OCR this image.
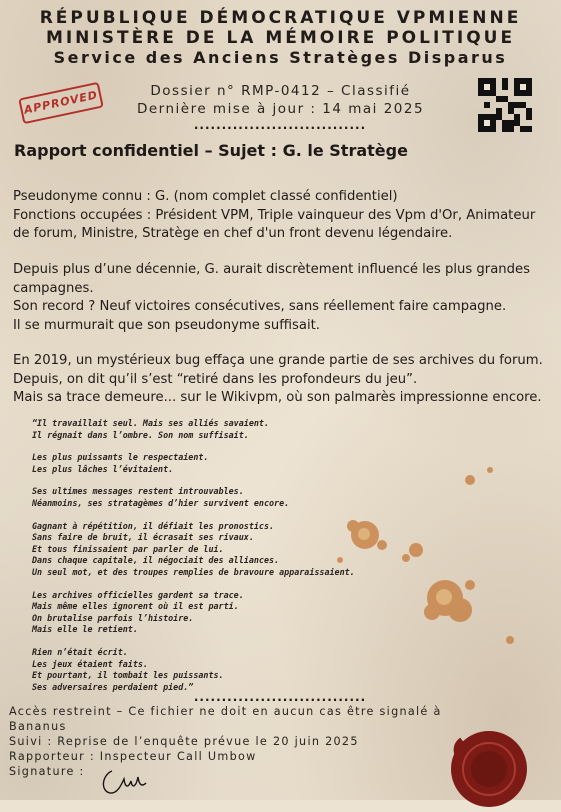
RÉPUBLIQUE DÉMOCRATIQUE VPMIENNE
MINISTÈRE DE LA MÉMOIRE POLITIQUE
Service des Anciens Stratèges Disparus
APPROVED	Dossier n° RMP-0412 – Classifié
Dernière mise à jour : 14 mai 2025
...............................
Rapport confidentiel – Sujet : G. le Stratège

Pseudonyme connu : G. (nom complet classé confidentiel)

Fonctions occupées : Président VPM, Triple vainqueur des Vpm d'Or, Animateur de forum, Ministre, Stratège en chef d'un front devenu légendaire.

Depuis plus d’une décennie, G. aurait discrètement influencé les plus grandes campagnes.

Son record ? Neuf victoires consécutives, sans réellement faire campagne.

Il se murmurait que son pseudonyme suffisait.

En 2019, un mystérieux bug effaça une grande partie de ses archives du forum.

Depuis, on dit qu’il s’est “retiré dans les profondeurs du jeu”.

Mais sa trace demeure... sur le Wikivpm, où son palmarès impressionne encore.

“Il travaillait seul. Mais ses alliés savaient.
Il régnait dans l’ombre. Son nom suffisait.
Les plus puissants le respectaient.
Les plus lâches l’évitaient.
Ses ultimes messages restent introuvables.
Néanmoins, ses stratagèmes d’hier survivent encore.
Gagnant à répétition, il défiait les pronostics.
Sans faire de bruit, il écrasait ses rivaux.
Et tous finissaient par parler de lui.
Dans chaque capitale, il négociait des alliances.
Un seul mot, et des troupes remplies de bravoure apparaissaient.
Les archives officielles gardent sa trace.
Mais même elles ignorent où il est parti.
On brutalise parfois l’histoire.
Mais elle le retient.
Rien n’était écrit.
Les jeux étaient faits.
Et pourtant, il tombait les puissants.
Ses adversaires perdaient pied.”
...............................
Accès restreint – Ce fichier ne doit en aucun cas être signalé à
Bananus
Suivi : Reprise de l’enquête prévue le 20 juin 2025
Rapporteur : Inspecteur Call Umbow
Signature :
